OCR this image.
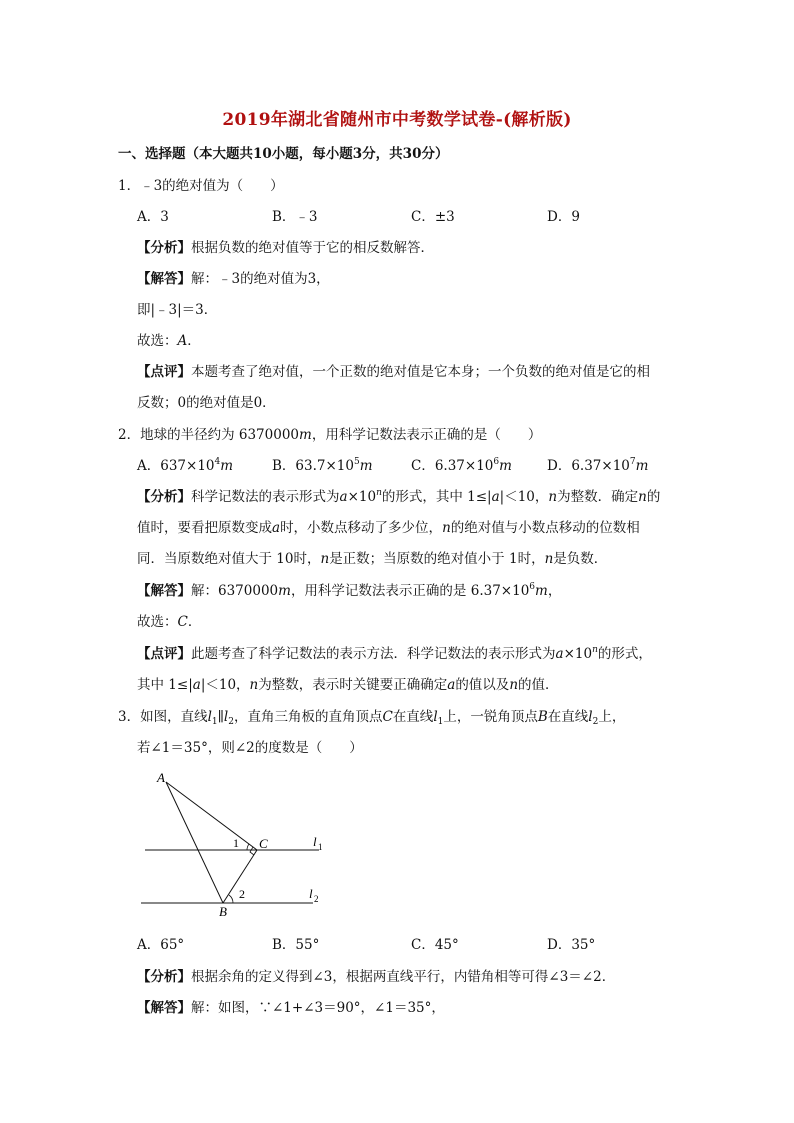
2019年湖北省随州市中考数学试卷-(解析版)
一、选择题（本大题共10小题，每小题3分，共30分）
1．﹣3的绝对值为（　　）
A．3	B．﹣3	C．±3	D．9
【分析】根据负数的绝对值等于它的相反数解答．
【解答】解：﹣3的绝对值为3，
即|﹣3|＝3．
故选：A．
【点评】本题考查了绝对值，一个正数的绝对值是它本身；一个负数的绝对值是它的相
反数；0的绝对值是0．
2．地球的半径约为 6370000m，用科学记数法表示正确的是（　　）
A．$637\times 10^4m$	B．$63.7\times 10^5m$	C．$6.37\times 10^6m$	D．$6.37\times 10^7m$
【分析】科学记数法的表示形式为$a\times 10^n$的形式，其中 1≤|a|＜10，n为整数．确定n的
值时，要看把原数变成a时，小数点移动了多少位，n的绝对值与小数点移动的位数相
同．当原数绝对值大于 10时，n是正数；当原数的绝对值小于 1时，n是负数．
【解答】解：6370000m，用科学记数法表示正确的是 $6.37\times 10^6m$，
故选：C．
【点评】此题考查了科学记数法的表示方法．科学记数法的表示形式为$a\times 10^n$的形式，
其中 1≤|a|＜10，n为整数，表示时关键要正确确定a的值以及n的值．
3．如图，直线$l_1\parallel l_2$，直角三角板的直角顶点C在直线$l_1$上，一锐角顶点B在直线$l_2$上，
若∠1＝35°，则∠2的度数是（　　）
A
B
C
1
2
l 1
l 2
A．65°	B．55°	C．45°	D．35°
【分析】根据余角的定义得到∠3，根据两直线平行，内错角相等可得∠3＝∠2．
【解答】解：如图，∵∠1+∠3＝90°，∠1＝35°，
